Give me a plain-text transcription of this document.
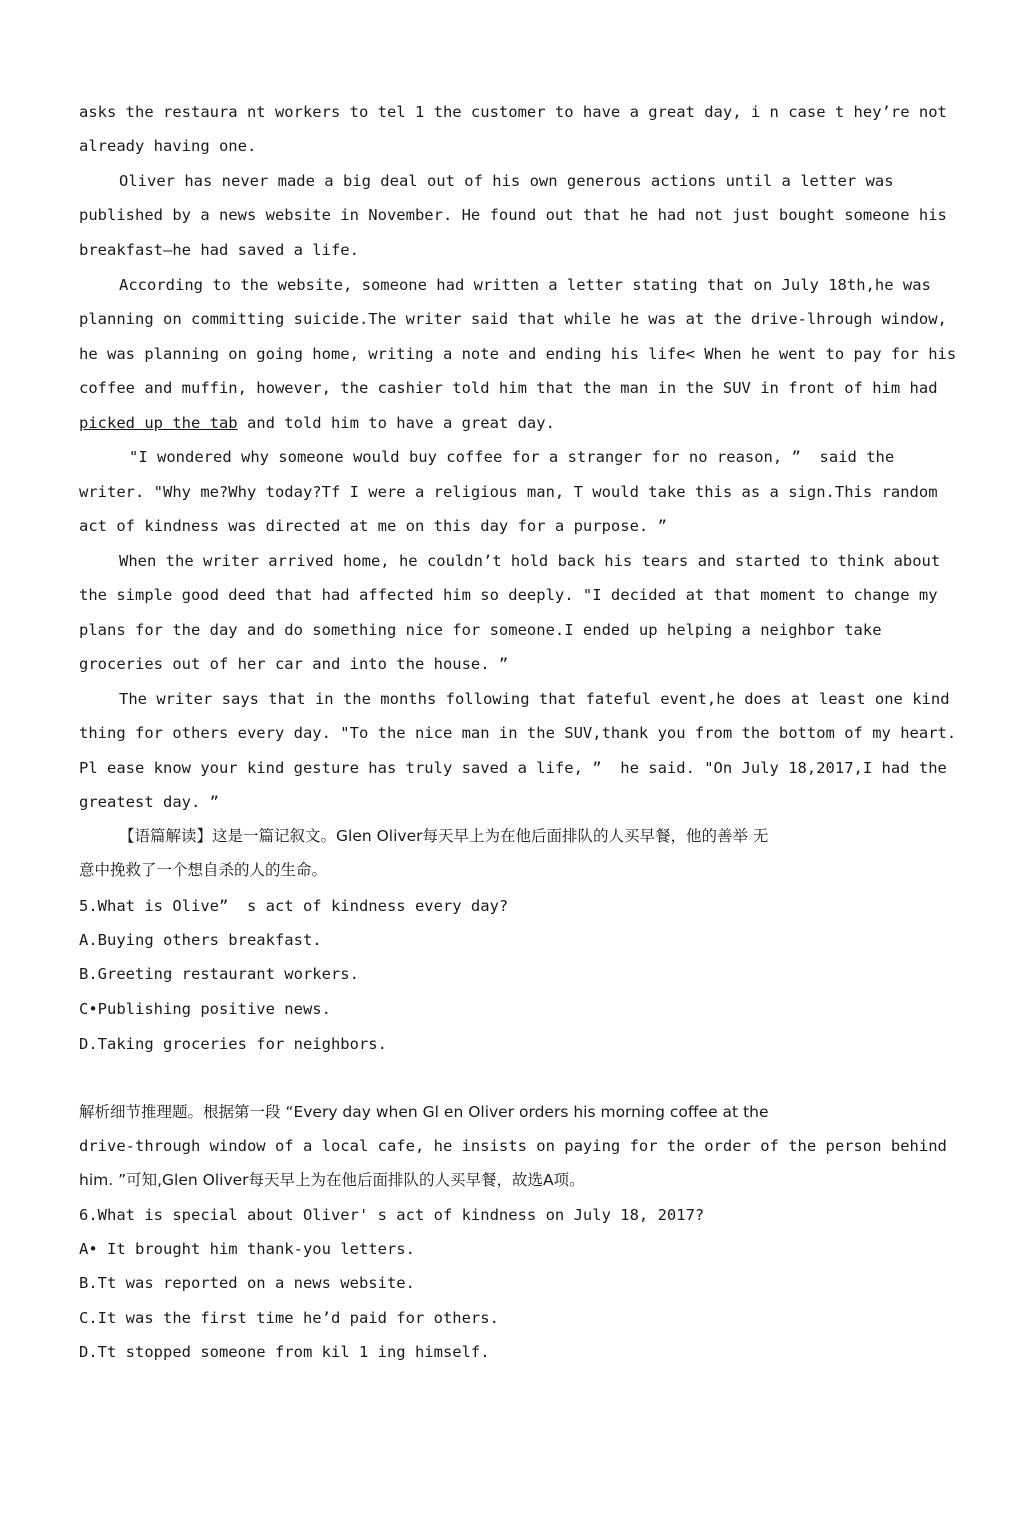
asks the restaura nt workers to tel 1 the customer to have a great day, i n case t hey’re not
already having one.
Oliver has never made a big deal out of his own generous actions until a letter was
published by a news website in November. He found out that he had not just bought someone his
breakfast—he had saved a life.
According to the website, someone had written a letter stating that on July 18th,he was
planning on committing suicide.The writer said that while he was at the drive-lhrough window,
he was planning on going home, writing a note and ending his life< When he went to pay for his
coffee and muffin, however, the cashier told him that the man in the SUV in front of him had
picked up the tab and told him to have a great day.
"I wondered why someone would buy coffee for a stranger for no reason, ”  said the
writer. "Why me?Why today?Tf I were a religious man, T would take this as a sign.This random
act of kindness was directed at me on this day for a purpose. ”
When the writer arrived home, he couldn’t hold back his tears and started to think about
the simple good deed that had affected him so deeply. "I decided at that moment to change my
plans for the day and do something nice for someone.I ended up helping a neighbor take
groceries out of her car and into the house. ”
The writer says that in the months following that fateful event,he does at least one kind
thing for others every day. "To the nice man in the SUV,thank you from the bottom of my heart.
Pl ease know your kind gesture has truly saved a life, ”  he said. "On July 18,2017,I had the
greatest day. ”
【语篇解读】这是一篇记叙文。Glen Oliver每天早上为在他后面排队的人买早餐，他的善举 无
意中挽救了一个想自杀的人的生命。
5.What is Olive”  s act of kindness every day?
A.Buying others breakfast.
B.Greeting restaurant workers.
C•Publishing positive news.
D.Taking groceries for neighbors.
解析细节推理题。根据第一段 “Every day when Gl en Oliver orders his morning coffee at the
drive-through window of a local cafe, he insists on paying for the order of the person behind
him. ”可知,Glen Oliver每天早上为在他后面排队的人买早餐，故选A项。
6.What is special about Oliver' s act of kindness on July 18, 2017?
A• It brought him thank-you letters.
B.Tt was reported on a news website.
C.It was the first time he’d paid for others.
D.Tt stopped someone from kil 1 ing himself.
